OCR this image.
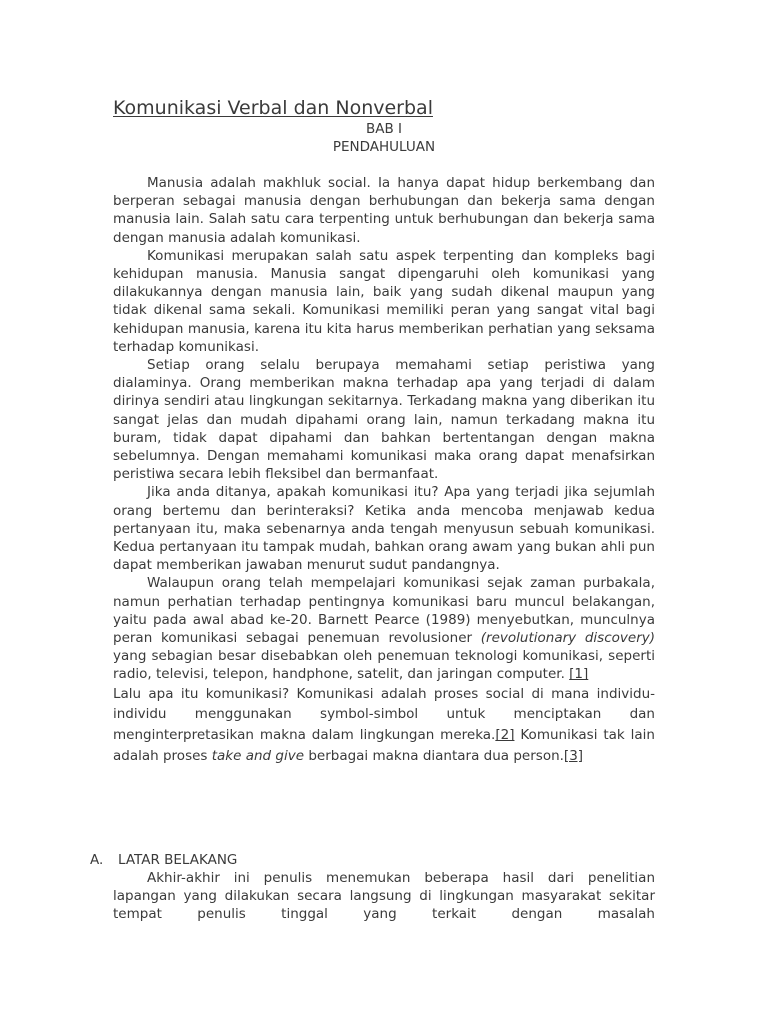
Komunikasi Verbal dan Nonverbal

BAB I

PENDAHULUAN

Manusia adalah makhluk social. Ia hanya dapat hidup berkembang dan berperan sebagai manusia dengan berhubungan dan bekerja sama dengan manusia lain. Salah satu cara terpenting untuk berhubungan dan bekerja sama dengan manusia adalah komunikasi.

Komunikasi merupakan salah satu aspek terpenting dan kompleks bagi kehidupan manusia. Manusia sangat dipengaruhi oleh komunikasi yang dilakukannya dengan manusia lain, baik yang sudah dikenal maupun yang tidak dikenal sama sekali. Komunikasi memiliki peran yang sangat vital bagi kehidupan manusia, karena itu kita harus memberikan perhatian yang seksama terhadap komunikasi.

Setiap orang selalu berupaya memahami setiap peristiwa yang dialaminya. Orang memberikan makna terhadap apa yang terjadi di dalam dirinya sendiri atau lingkungan sekitarnya. Terkadang makna yang diberikan itu sangat jelas dan mudah dipahami orang lain, namun terkadang makna itu buram, tidak dapat dipahami dan bahkan bertentangan dengan makna sebelumnya. Dengan memahami komunikasi maka orang dapat menafsirkan peristiwa secara lebih fleksibel dan bermanfaat.

Jika anda ditanya, apakah komunikasi itu? Apa yang terjadi jika sejumlah orang bertemu dan berinteraksi? Ketika anda mencoba menjawab kedua pertanyaan itu, maka sebenarnya anda tengah menyusun sebuah komunikasi. Kedua pertanyaan itu tampak mudah, bahkan orang awam yang bukan ahli pun dapat memberikan jawaban menurut sudut pandangnya.

Walaupun orang telah mempelajari komunikasi sejak zaman purbakala, namun perhatian terhadap pentingnya komunikasi baru muncul belakangan, yaitu pada awal abad ke-20. Barnett Pearce (1989) menyebutkan, munculnya peran komunikasi sebagai penemuan revolusioner (revolutionary discovery) yang sebagian besar disebabkan oleh penemuan teknologi komunikasi, seperti radio, televisi, telepon, handphone, satelit, dan jaringan computer. [1]

Lalu apa itu komunikasi? Komunikasi adalah proses social di mana individu-individu menggunakan symbol-simbol untuk menciptakan dan menginterpretasikan makna dalam lingkungan mereka.[2] Komunikasi tak lain adalah proses take and give berbagai makna diantara dua person.[3]

A. LATAR BELAKANG

Akhir-akhir ini penulis menemukan beberapa hasil dari penelitian lapangan yang dilakukan secara langsung di lingkungan masyarakat sekitar tempat penulis tinggal yang terkait dengan masalah
